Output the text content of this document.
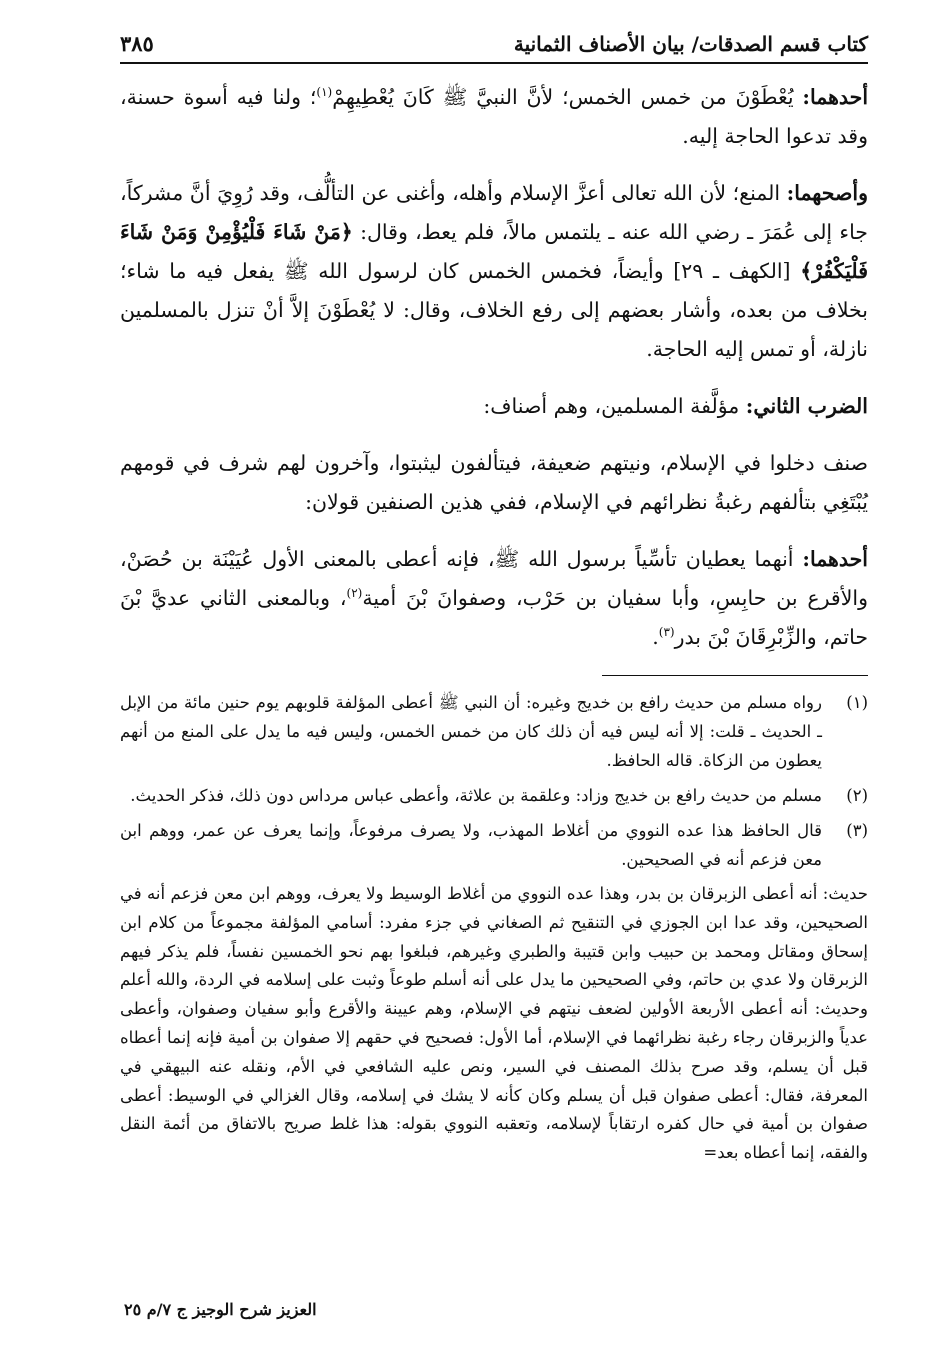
كتاب قسم الصدقات/ بيان الأصناف الثمانية
٣٨٥

أحدهما: يُعْطَوْنَ من خمس الخمس؛ لأنَّ النبيَّ ﷺ كَانَ يُعْطِيهِمْ$^{(١)}$؛ ولنا فيه أسوة حسنة، وقد تدعوا الحاجة إليه.

وأصحهما: المنع؛ لأن الله تعالى أعزَّ الإسلام وأهله، وأغنى عن التألُّف، وقد رُوِيَ أنَّ مشركاً، جاء إلى عُمَرَ ـ رضي الله عنه ـ يلتمس مالاً، فلم يعط، وقال: ﴿مَنْ شَاءَ فَلْيُؤْمِنْ وَمَنْ شَاءَ فَلْيَكْفُرْ﴾ [الكهف ـ ٢٩] وأيضاً، فخمس الخمس كان لرسول الله ﷺ يفعل فيه ما شاء؛ بخلاف من بعده، وأشار بعضهم إلى رفع الخلاف، وقال: لا يُعْطَوْنَ إلاَّ أنْ تنزل بالمسلمين نازلة، أو تمس إليه الحاجة.

الضرب الثاني: مؤلَّفة المسلمين، وهم أصناف:

صنف دخلوا في الإسلام، ونيتهم ضعيفة، فيتألفون ليثبتوا، وآخرون لهم شرف في قومهم يُبْتَغِي بتألفهم رغبةُ نظرائهم في الإسلام، ففي هذين الصنفين قولان:

أحدهما: أنهما يعطيان تأسِّياً برسول الله ﷺ، فإنه أعطى بالمعنى الأول عُيَيْنَة بن حُصَنْ، والأقرع بن حابِسِ، وأبا سفيان بن حَرْب، وصفوانَ بْنَ أمية$^{(٢)}$، وبالمعنى الثاني عديَّ بْنَ حاتم، والزِّبْرِقَانَ بْنَ بدر$^{(٣)}$.

(١)
رواه مسلم من حديث رافع بن خديج وغيره: أن النبي ﷺ أعطى المؤلفة قلوبهم يوم حنين مائة من الإبل ـ الحديث ـ قلت: إلا أنه ليس فيه أن ذلك كان من خمس الخمس، وليس فيه ما يدل على المنع من أنهم يعطون من الزكاة. قاله الحافظ.
(٢)
مسلم من حديث رافع بن خديج وزاد: وعلقمة بن علاثة، وأعطى عباس مرداس دون ذلك، فذكر الحديث.
(٣)
قال الحافظ هذا عده النووي من أغلاط المهذب، ولا يصرف مرفوعاً، وإنما يعرف عن عمر، ووهم ابن معن فزعم أنه في الصحيحين.
حديث: أنه أعطى الزبرقان بن بدر، وهذا عده النووي من أغلاط الوسيط ولا يعرف، ووهم ابن معن فزعم أنه في الصحيحين، وقد عدا ابن الجوزي في التنقيح ثم الصغاني في جزء مفرد: أسامي المؤلفة مجموعاً من كلام ابن إسحاق ومقاتل ومحمد بن حبيب وابن قتيبة والطبري وغيرهم، فبلغوا بهم نحو الخمسين نفساً، فلم يذكر فيهم الزبرقان ولا عدي بن حاتم، وفي الصحيحين ما يدل على أنه أسلم طوعاً وثبت على إسلامه في الردة، والله أعلم وحديث: أنه أعطى الأربعة الأولين لضعف نيتهم في الإسلام، وهم عيينة والأقرع وأبو سفيان وصفوان، وأعطى عدياً والزبرقان رجاء رغبة نظرائهما في الإسلام، أما الأول: فصحيح في حقهم إلا صفوان بن أمية فإنه إنما أعطاه قبل أن يسلم، وقد صرح بذلك المصنف في السير، ونص عليه الشافعي في الأم، ونقله عنه البيهقي في المعرفة، فقال: أعطى صفوان قبل أن يسلم وكان كأنه لا يشك في إسلامه، وقال الغزالي في الوسيط: أعطى صفوان بن أمية في حال كفره ارتقاباً لإسلامه، وتعقبه النووي بقوله: هذا غلط صريح بالاتفاق من أئمة النقل والفقه، إنما أعطاه بعد=
العزيز شرح الوجيز ج ٧/م ٢٥
